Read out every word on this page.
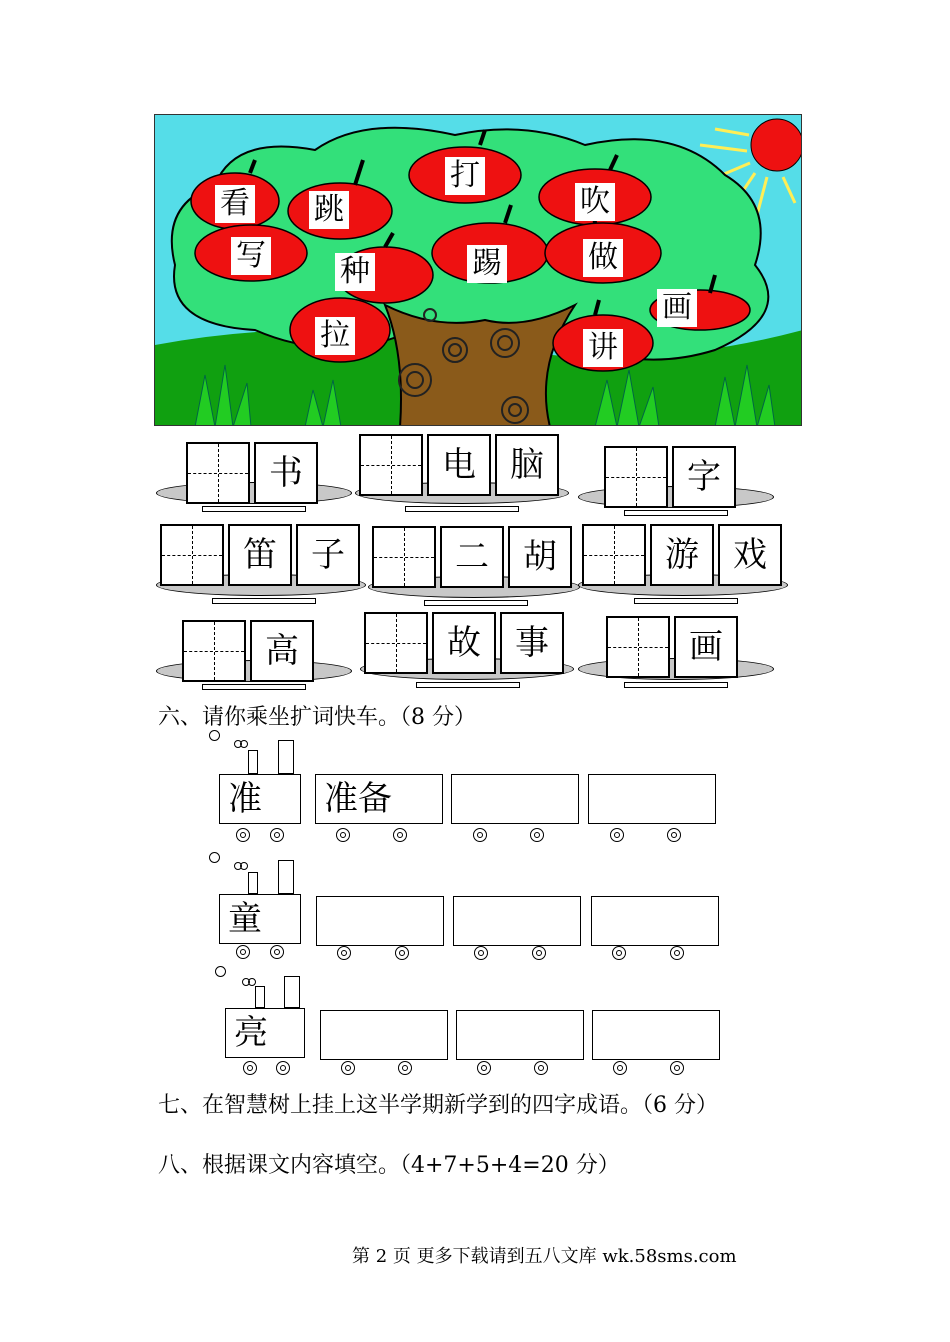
看 跳
打
吹
写 种	踢	做
画
拉	讲
书	电	脑	字
笛	子	二	胡	游	戏
高	故	事	画
六、请你乘坐扩词快车。（8 分）
准	准备
童
亮
七、在智慧树上挂上这半学期新学到的四字成语。（6 分）
八、根据课文内容填空。（4+7+5+4=20 分）
第 2 页 更多下载请到五八文库 wk.58sms.com
